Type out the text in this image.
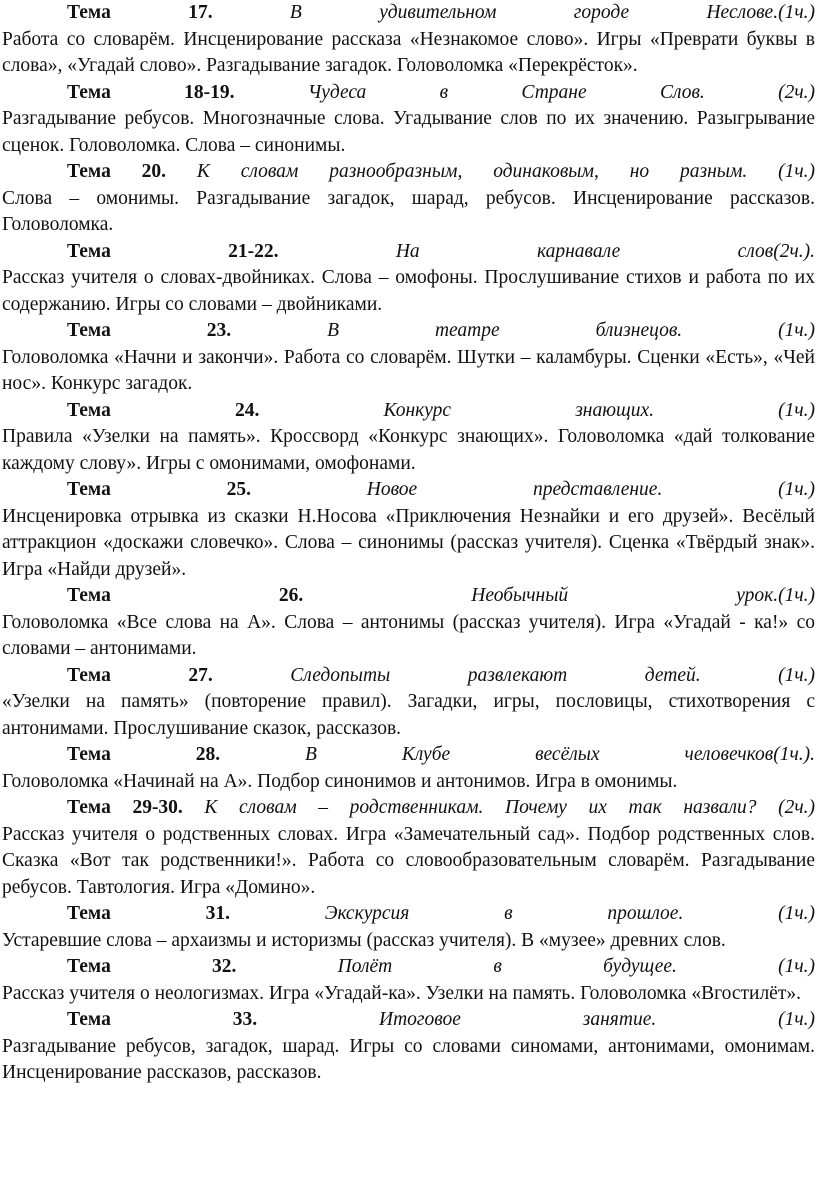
Тема	17.	В	удивительном	городе	Неслове.(1ч.)
Работа со словарём. Инсценирование рассказа «Незнакомое слово». Игры «Преврати буквы в слова», «Угадай слово». Разгадывание загадок. Головоломка «Перекрёсток».
Тема	18-19.	Чудеса	в	Стране	Слов.	(2ч.)
Разгадывание ребусов. Многозначные слова. Угадывание слов по их значению. Разыгрывание сценок. Головоломка. Слова – синонимы.
Тема 20. К словам разнообразным, одинаковым, но разным. (1ч.)
Слова – омонимы. Разгадывание загадок, шарад, ребусов. Инсценирование рассказов. Головоломка.
Тема	21-22.	На	карнавале	слов(2ч.).
Рассказ учителя о словах-двойниках. Слова – омофоны. Прослушивание стихов и работа по их содержанию. Игры со словами – двойниками.
Тема	23.	В	театре	близнецов.	(1ч.)
Головоломка «Начни и закончи». Работа со словарём. Шутки – каламбуры. Сценки «Есть», «Чей нос». Конкурс загадок.
Тема	24.	Конкурс	знающих.	(1ч.)
Правила «Узелки на память». Кроссворд «Конкурс знающих». Головоломка «дай толкование каждому слову». Игры с омонимами, омофонами.
Тема	25.	Новое	представление.	(1ч.)
Инсценировка отрывка из сказки Н.Носова «Приключения Незнайки и его друзей». Весёлый аттракцион «доскажи словечко». Слова – синонимы (рассказ учителя). Сценка «Твёрдый знак». Игра «Найди друзей».
Тема	26.	Необычный	урок.(1ч.)
Головоломка «Все слова на А». Слова – антонимы (рассказ учителя). Игра «Угадай - ка!» со словами – антонимами.
Тема	27.	Следопыты	развлекают	детей.	(1ч.)
«Узелки на память» (повторение правил). Загадки, игры, пословицы, стихотворения с антонимами. Прослушивание сказок, рассказов.
Тема	28.	В	Клубе	весёлых	человечков(1ч.).
Головоломка «Начинай на А». Подбор синонимов и антонимов. Игра в омонимы.
Тема 29-30. К словам – родственникам. Почему их так назвали? (2ч.)
Рассказ учителя о родственных словах. Игра «Замечательный сад». Подбор родственных слов. Сказка «Вот так родственники!». Работа со словообразовательным словарём. Разгадывание ребусов. Тавтология. Игра «Домино».
Тема	31.	Экскурсия	в	прошлое.	(1ч.)
Устаревшие слова – архаизмы и историзмы (рассказ учителя). В «музее» древних слов.
Тема	32.	Полёт	в	будущее.	(1ч.)
Рассказ учителя о неологизмах. Игра «Угадай-ка». Узелки на память. Головоломка «Вгостилёт».
Тема	33.	Итоговое	занятие.	(1ч.)
Разгадывание ребусов, загадок, шарад. Игры со словами синомами, антонимами, омонимам. Инсценирование рассказов, рассказов.
